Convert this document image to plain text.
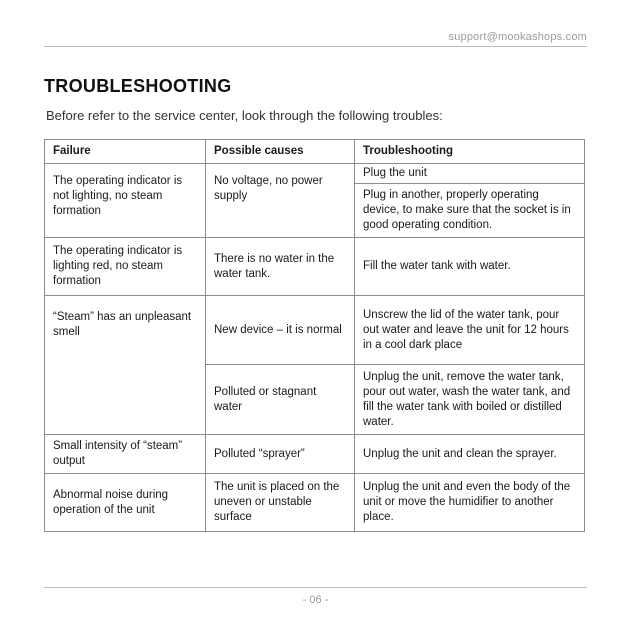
support@mookashops.com
TROUBLESHOOTING

Before refer to the service center, look through the following troubles:

Failure	Possible causes	Troubleshooting
The operating indicator is not lighting, no steam formation	No voltage, no power supply	Plug the unit
		Plug in another, properly operating device, to make sure that the socket is in good operating condition.
The operating indicator is lighting red, no steam formation	There is no water in the water tank.	Fill the water tank with water.
“Steam” has an unpleasant smell	New device – it is normal	Unscrew the lid of the water tank, pour out water and leave the unit for 12 hours in a cool dark place
	Polluted or stagnant water	Unplug the unit, remove the water tank, pour out water, wash the water tank, and fill the water tank with boiled or distilled water.
Small intensity of “steam” output	Polluted “sprayer”	Unplug the unit and clean the sprayer.
Abnormal noise during operation of the unit	The unit is placed on the uneven or unstable surface	Unplug the unit and even the body of the unit or move the humidifier to another place.
- 06 -
